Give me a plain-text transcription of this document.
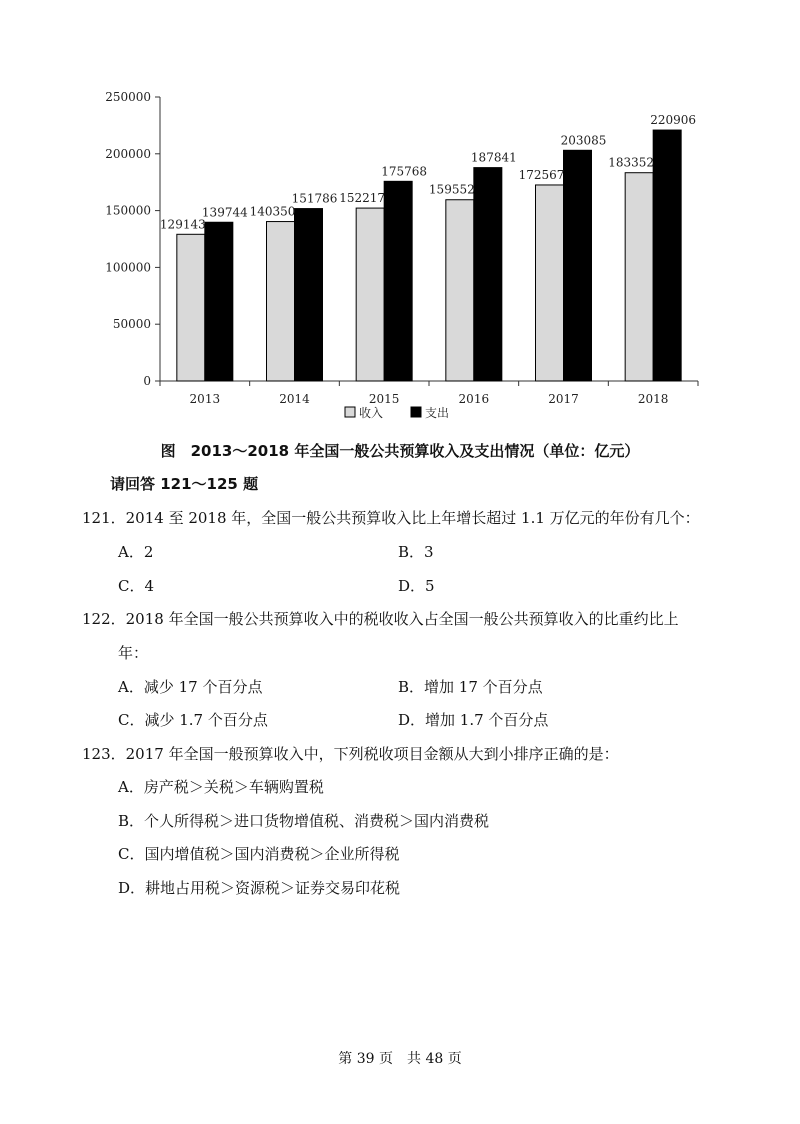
0
50000
100000
150000
200000
250000
2013	2014	2015	2016	2017	2018
129143
139744 140350
151786 152217
175768
159552
187841
172567
203085
183352
220906
收入	支出
图　2013～2018 年全国一般公共预算收入及支出情况（单位：亿元）
请回答 121～125 题
121．2014 至 2018 年，全国一般公共预算收入比上年增长超过 1.1 万亿元的年份有几个：
A．2	B．3
C．4	D．5
122．2018 年全国一般公共预算收入中的税收收入占全国一般公共预算收入的比重约比上
年：
A．减少 17 个百分点	B．增加 17 个百分点
C．减少 1.7 个百分点	D．增加 1.7 个百分点
123．2017 年全国一般预算收入中，下列税收项目金额从大到小排序正确的是：
A．房产税＞关税＞车辆购置税
B．个人所得税＞进口货物增值税、消费税＞国内消费税
C．国内增值税＞国内消费税＞企业所得税
D．耕地占用税＞资源税＞证券交易印花税
第 39 页　共 48 页
